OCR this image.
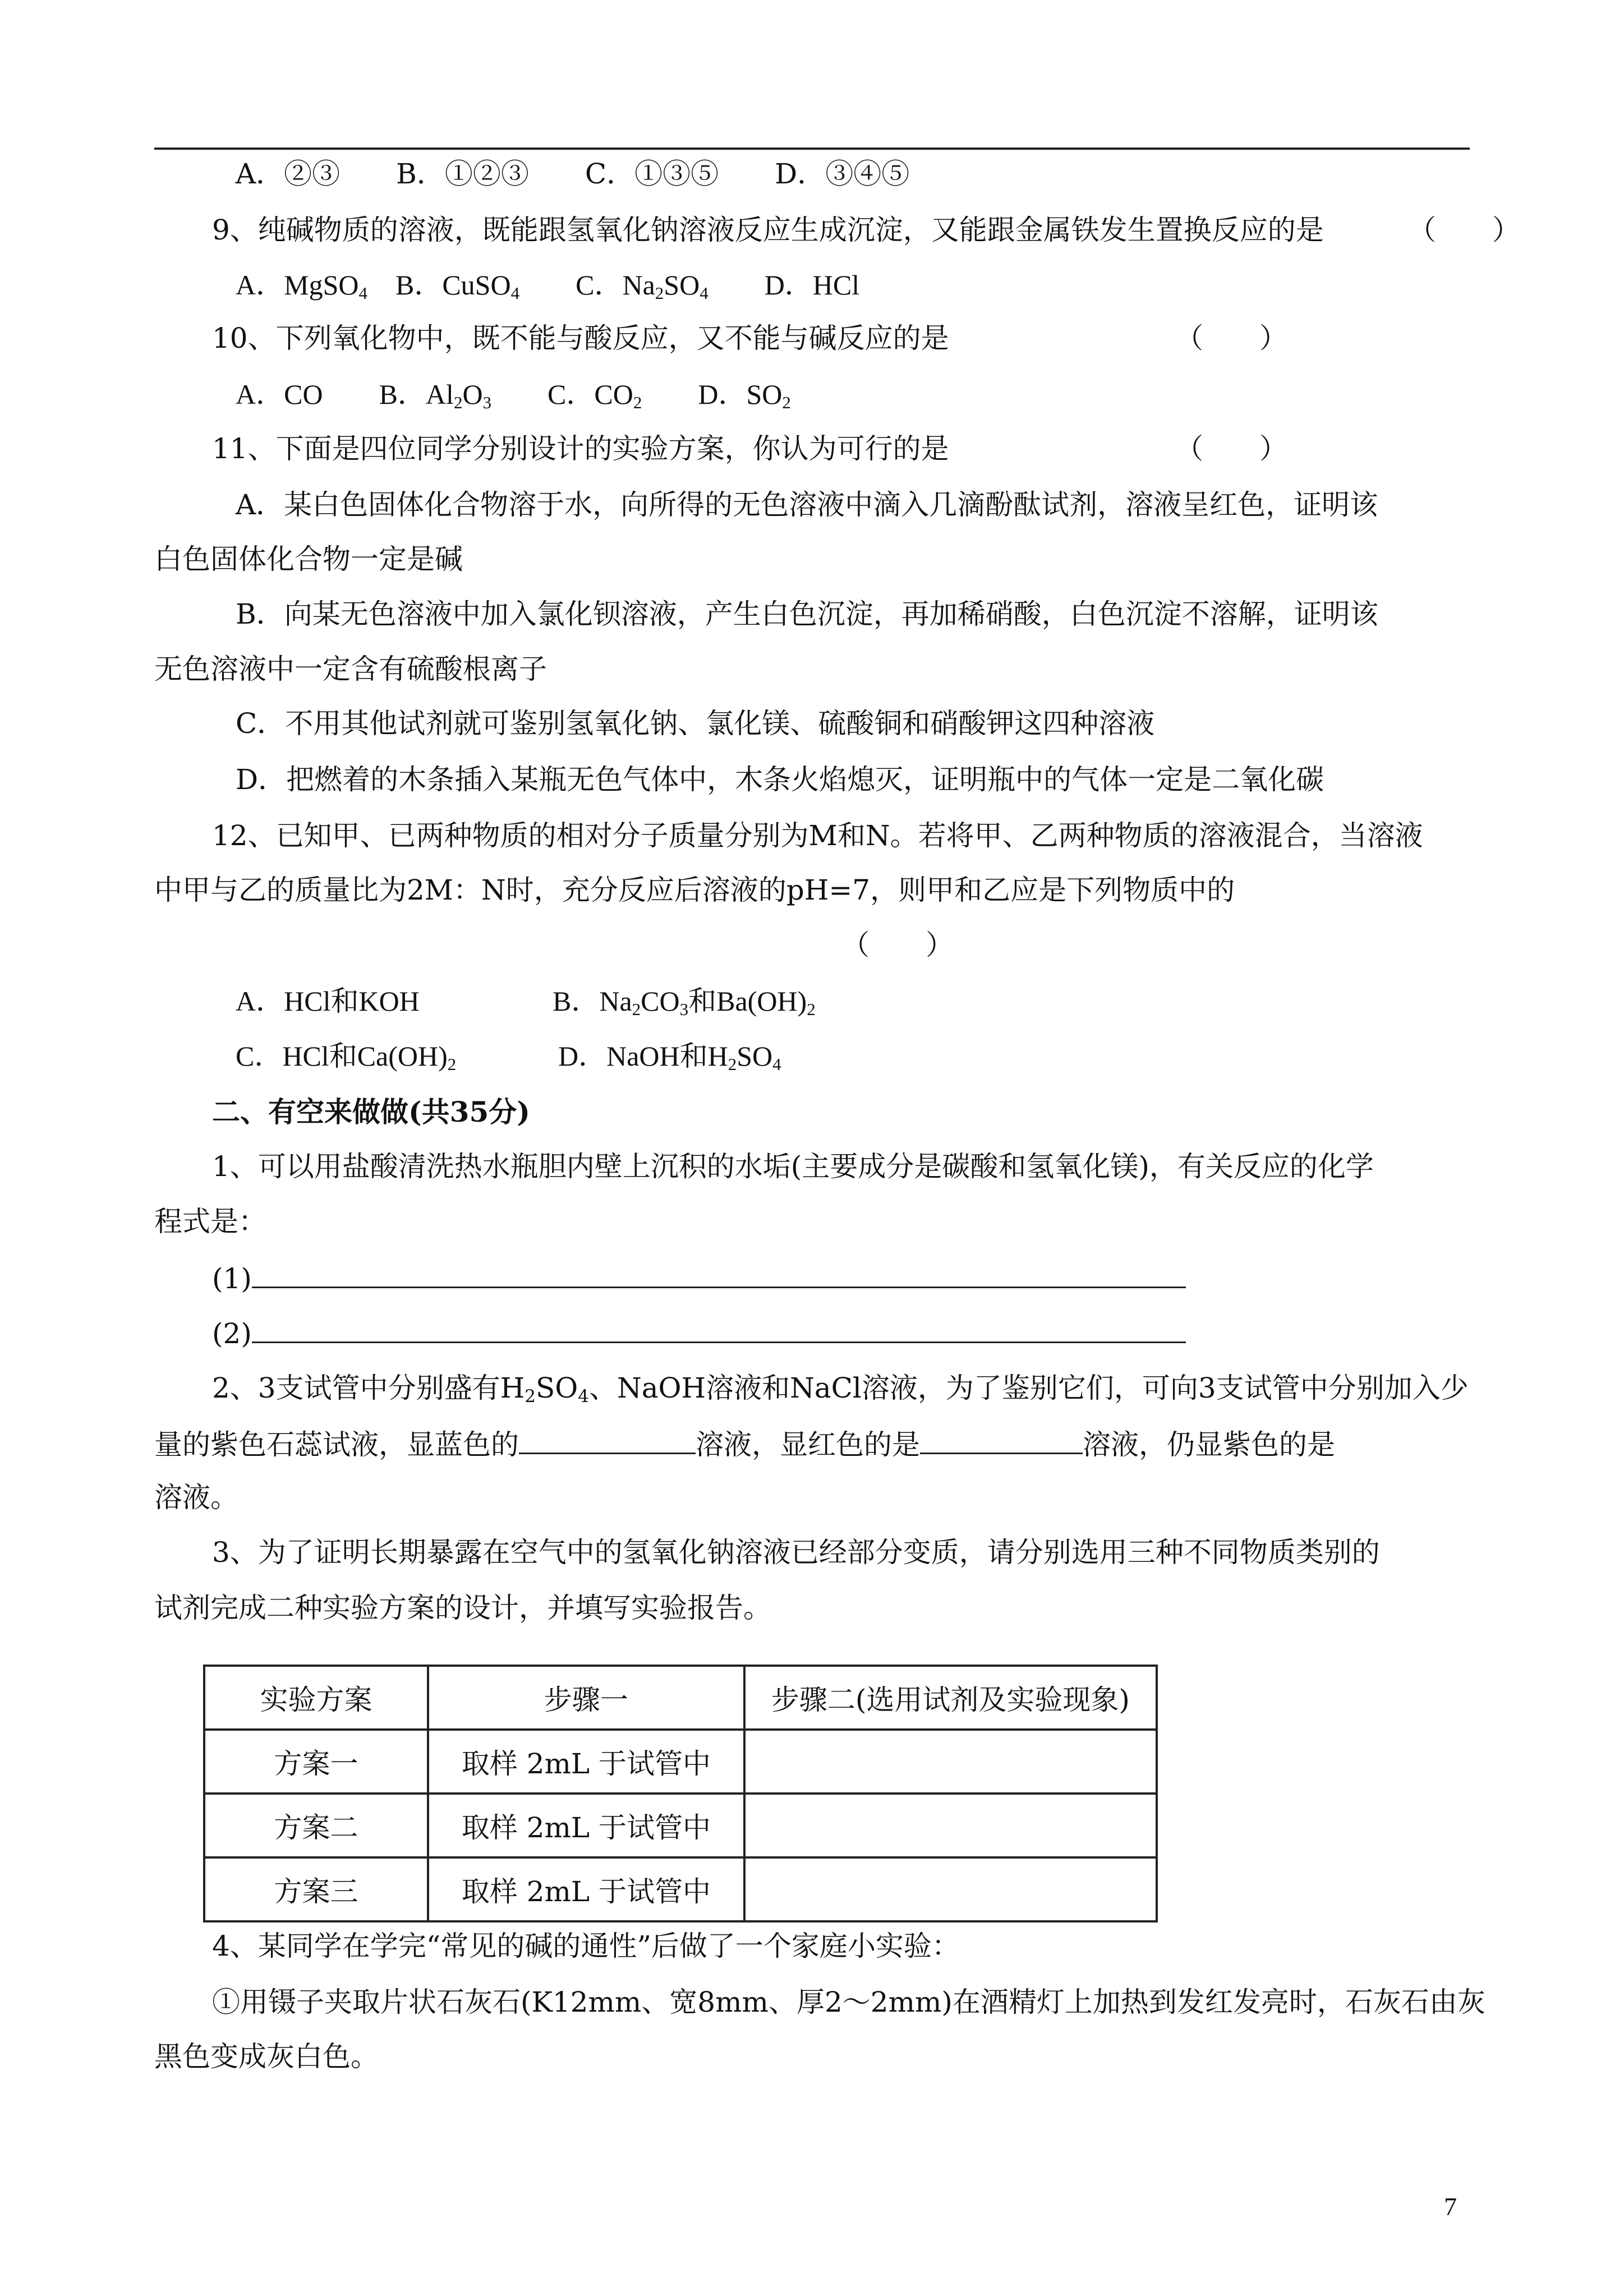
A．②③　　B．①②③　　C．①③⑤　　D．③④⑤
9、纯碱物质的溶液，既能跟氢氧化钠溶液反应生成沉淀，又能跟金属铁发生置换反应的是	（　　）
A．MgSO$_4$　 B．CuSO$_4$　　 C．$Na_2SO_4$　　 D．HCl
10、下列氧化物中，既不能与酸反应，又不能与碱反应的是	（　　）
A．CO　　 B．$Al_2O_3$　　 C．$CO_2$　　 D．$SO_2$
11、下面是四位同学分别设计的实验方案，你认为可行的是	（　　）
A．某白色固体化合物溶于水，向所得的无色溶液中滴入几滴酚酞试剂，溶液呈红色，证明该
白色固体化合物一定是碱
B．向某无色溶液中加入氯化钡溶液，产生白色沉淀，再加稀硝酸，白色沉淀不溶解，证明该
无色溶液中一定含有硫酸根离子
C．不用其他试剂就可鉴别氢氧化钠、氯化镁、硫酸铜和硝酸钾这四种溶液
D．把燃着的木条插入某瓶无色气体中，木条火焰熄灭，证明瓶中的气体一定是二氧化碳
12、已知甲、已两种物质的相对分子质量分别为M和N。若将甲、乙两种物质的溶液混合，当溶液
中甲与乙的质量比为2M：N时，充分反应后溶液的pH=7，则甲和乙应是下列物质中的
（　　）
A．HCl和KOH	B．$Na_2CO_3$和$Ba(OH)_2$
C．HCl和$Ca(OH)_2$	D．NaOH和$H_2SO_4$
二、有空来做做(共35分)
1、可以用盐酸清洗热水瓶胆内壁上沉积的水垢(主要成分是碳酸和氢氧化镁)，有关反应的化学
程式是：
(1)
(2)
2、3支试管中分别盛有$H_2SO_4$、NaOH溶液和NaCl溶液，为了鉴别它们，可向3支试管中分别加入少
量的紫色石蕊试液，显蓝色的	溶液，显红色的是	溶液，仍显紫色的是
溶液。
3、为了证明长期暴露在空气中的氢氧化钠溶液已经部分变质，请分别选用三种不同物质类别的
试剂完成二种实验方案的设计，并填写实验报告。
实验方案	步骤一	步骤二(选用试剂及实验现象)
方案一	取样 2mL 于试管中	
方案二	取样 2mL 于试管中	
方案三	取样 2mL 于试管中	
4、某同学在学完“常见的碱的通性”后做了一个家庭小实验：
①用镊子夹取片状石灰石(K12mm、宽8mm、厚2～2mm)在酒精灯上加热到发红发亮时，石灰石由灰
黑色变成灰白色。
7
